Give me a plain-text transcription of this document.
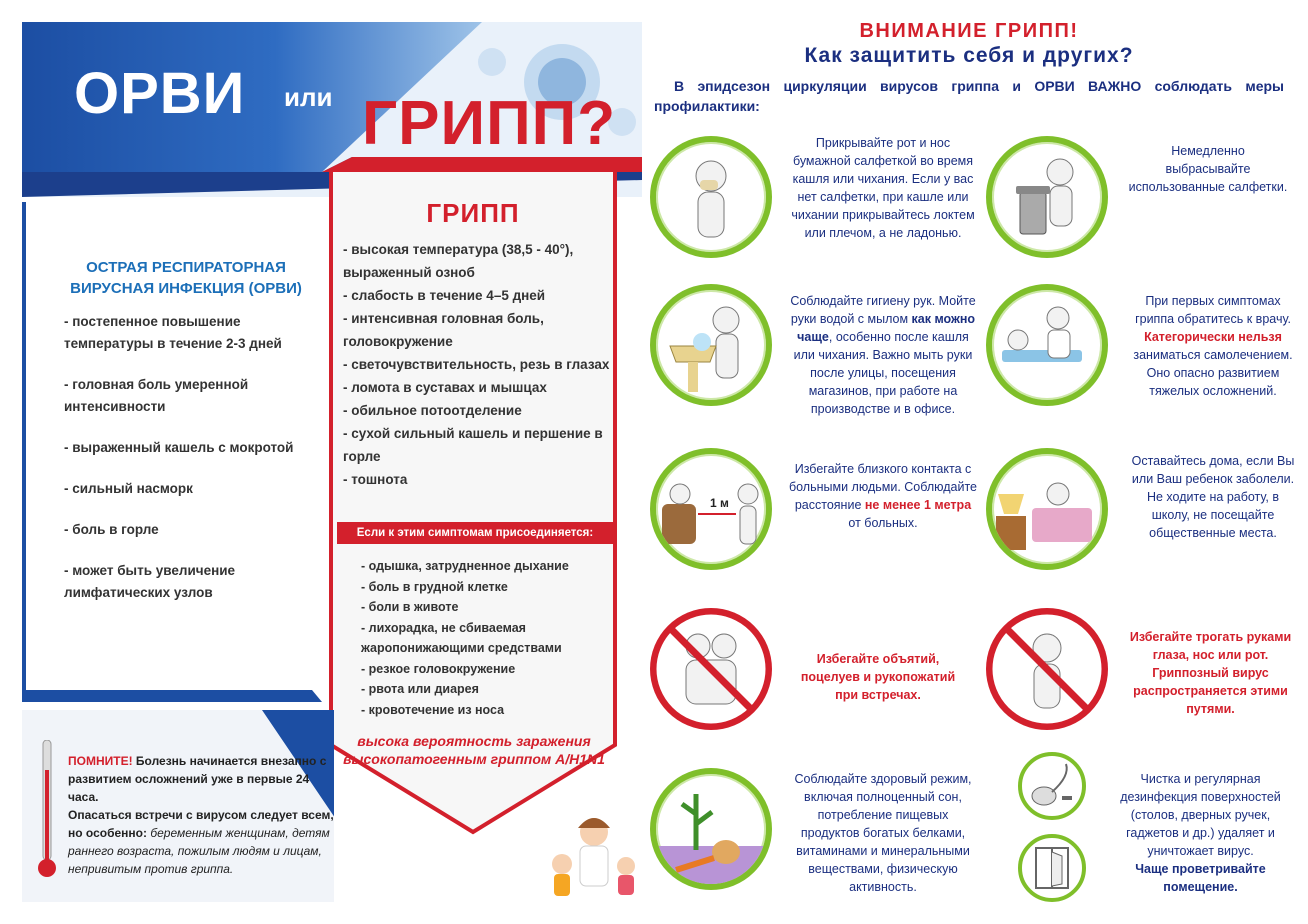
ОРВИ или ГРИПП?
ОСТРАЯ РЕСПИРАТОРНАЯ ВИРУСНАЯ ИНФЕКЦИЯ (ОРВИ)
- постепенное повышение температуры в течение 2-3 дней
- головная боль умеренной интенсивности
- выраженный кашель с мокротой
- сильный насморк
- боль в горле
- может быть увеличение лимфатических узлов
ГРИПП
- высокая температура (38,5 - 40°), выраженный озноб
- слабость в течение 4–5 дней
- интенсивная головная боль, головокружение
- светочувствительность, резь в глазах
- ломота в суставах и мышцах
- обильное потоотделение
- сухой сильный кашель и першение в горле
- тошнота
Если к этим симптомам присоединяется:
- одышка, затрудненное дыхание
- боль в грудной клетке
- боли в животе
- лихорадка, не сбиваемая жаропонижающими средствами
- резкое головокружение
- рвота или диарея
- кровотечение из носа
высока вероятность заражения высокопатогенным гриппом A/H1N1
ПОМНИТЕ! Болезнь начинается внезапно с развитием осложнений уже в первые 24 часа.
Опасаться встречи с вирусом следует всем, но особенно: беременным женщинам, детям раннего возраста, пожилым людям и лицам, непривитым против гриппа.
ВНИМАНИЕ ГРИПП!
Как защитить себя и других?
В эпидсезон циркуляции вирусов гриппа и ОРВИ ВАЖНО соблюдать меры профилактики:
Прикрывайте рот и нос бумажной салфеткой во время кашля или чихания. Если у вас нет салфетки, при кашле или чихании прикрывайтесь локтем или плечом, а не ладонью.
Немедленно выбрасывайте использованные салфетки.
Соблюдайте гигиену рук. Мойте руки водой с мылом как можно чаще, особенно после кашля или чихания. Важно мыть руки после улицы, посещения магазинов, при работе на производстве и в офисе.
При первых симптомах гриппа обратитесь к врачу. Категорически нельзя заниматься самолечением. Оно опасно развитием тяжелых осложнений.
1 м
Избегайте близкого контакта с больными людьми. Соблюдайте расстояние не менее 1 метра от больных.
Оставайтесь дома, если Вы или Ваш ребенок заболели. Не ходите на работу, в школу, не посещайте общественные места.
Избегайте объятий, поцелуев и рукопожатий при встречах.
Избегайте трогать руками глаза, нос или рот. Гриппозный вирус распространяется этими путями.
Соблюдайте здоровый режим, включая полноценный сон, потребление пищевых продуктов богатых белками, витаминами и минеральными веществами, физическую активность.
Чистка и регулярная дезинфекция поверхностей (столов, дверных ручек, гаджетов и др.) удаляет и уничтожает вирус.
Чаще проветривайте помещение.
